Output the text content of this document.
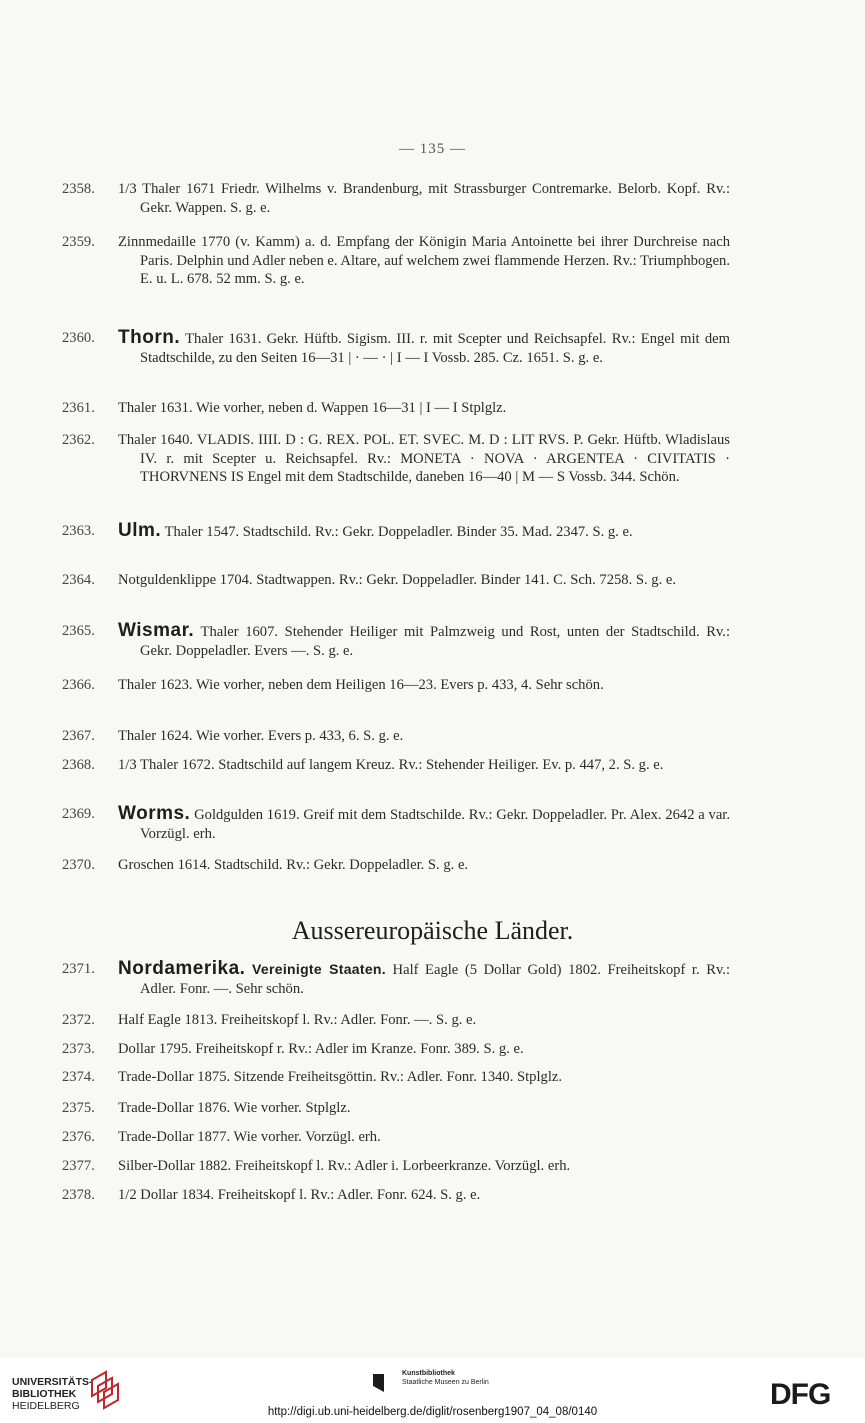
— 135 —
2358.	1/3 Thaler 1671 Friedr. Wilhelms v. Brandenburg, mit Strassburger Contremarke. Belorb. Kopf. Rv.: Gekr. Wappen. S. g. e.
2359.	Zinnmedaille 1770 (v. Kamm) a. d. Empfang der Königin Maria Antoinette bei ihrer Durchreise nach Paris. Delphin und Adler neben e. Altare, auf welchem zwei flammende Herzen. Rv.: Triumphbogen. E. u. L. 678. 52 mm. S. g. e.
2360.	Thorn. Thaler 1631. Gekr. Hüftb. Sigism. III. r. mit Scepter und Reichsapfel. Rv.: Engel mit dem Stadtschilde, zu den Seiten 16—31 | · — · | I — I Vossb. 285. Cz. 1651. S. g. e.
2361.	Thaler 1631. Wie vorher, neben d. Wappen 16—31 | I — I Stplglz.
2362.	Thaler 1640. VLADIS. IIII. D : G. REX. POL. ET. SVEC. M. D : LIT RVS. P. Gekr. Hüftb. Wladislaus IV. r. mit Scepter u. Reichsapfel. Rv.: MONETA · NOVA · ARGENTEA · CIVITATIS · THORVNENS IS Engel mit dem Stadtschilde, daneben 16—40 | M — S Vossb. 344. Schön.
2363.	Ulm. Thaler 1547. Stadtschild. Rv.: Gekr. Doppeladler. Binder 35. Mad. 2347. S. g. e.
2364.	Notguldenklippe 1704. Stadtwappen. Rv.: Gekr. Doppeladler. Binder 141. C. Sch. 7258. S. g. e.
2365.	Wismar. Thaler 1607. Stehender Heiliger mit Palmzweig und Rost, unten der Stadtschild. Rv.: Gekr. Doppeladler. Evers —. S. g. e.
2366.	Thaler 1623. Wie vorher, neben dem Heiligen 16—23. Evers p. 433, 4. Sehr schön.
2367.	Thaler 1624. Wie vorher. Evers p. 433, 6. S. g. e.
2368.	1/3 Thaler 1672. Stadtschild auf langem Kreuz. Rv.: Stehender Heiliger. Ev. p. 447, 2. S. g. e.
2369.	Worms. Goldgulden 1619. Greif mit dem Stadtschilde. Rv.: Gekr. Doppeladler. Pr. Alex. 2642 a var. Vorzügl. erh.
2370.	Groschen 1614. Stadtschild. Rv.: Gekr. Doppeladler. S. g. e.
Aussereuropäische Länder.
2371.	Nordamerika. Vereinigte Staaten. Half Eagle (5 Dollar Gold) 1802. Freiheitskopf r. Rv.: Adler. Fonr. —. Sehr schön.
2372.	Half Eagle 1813. Freiheitskopf l. Rv.: Adler. Fonr. —. S. g. e.
2373.	Dollar 1795. Freiheitskopf r. Rv.: Adler im Kranze. Fonr. 389. S. g. e.
2374.	Trade-Dollar 1875. Sitzende Freiheitsgöttin. Rv.: Adler. Fonr. 1340. Stplglz.
2375.	Trade-Dollar 1876. Wie vorher. Stplglz.
2376.	Trade-Dollar 1877. Wie vorher. Vorzügl. erh.
2377.	Silber-Dollar 1882. Freiheitskopf l. Rv.: Adler i. Lorbeerkranze. Vorzügl. erh.
2378.	1/2 Dollar 1834. Freiheitskopf l. Rv.: Adler. Fonr. 624. S. g. e.
UNIVERSITÄTS-
BIBLIOTHEK
HEIDELBERG
Kunstbibliothek
Staatliche Museen zu Berlin	DFG
http://digi.ub.uni-heidelberg.de/diglit/rosenberg1907_04_08/0140
